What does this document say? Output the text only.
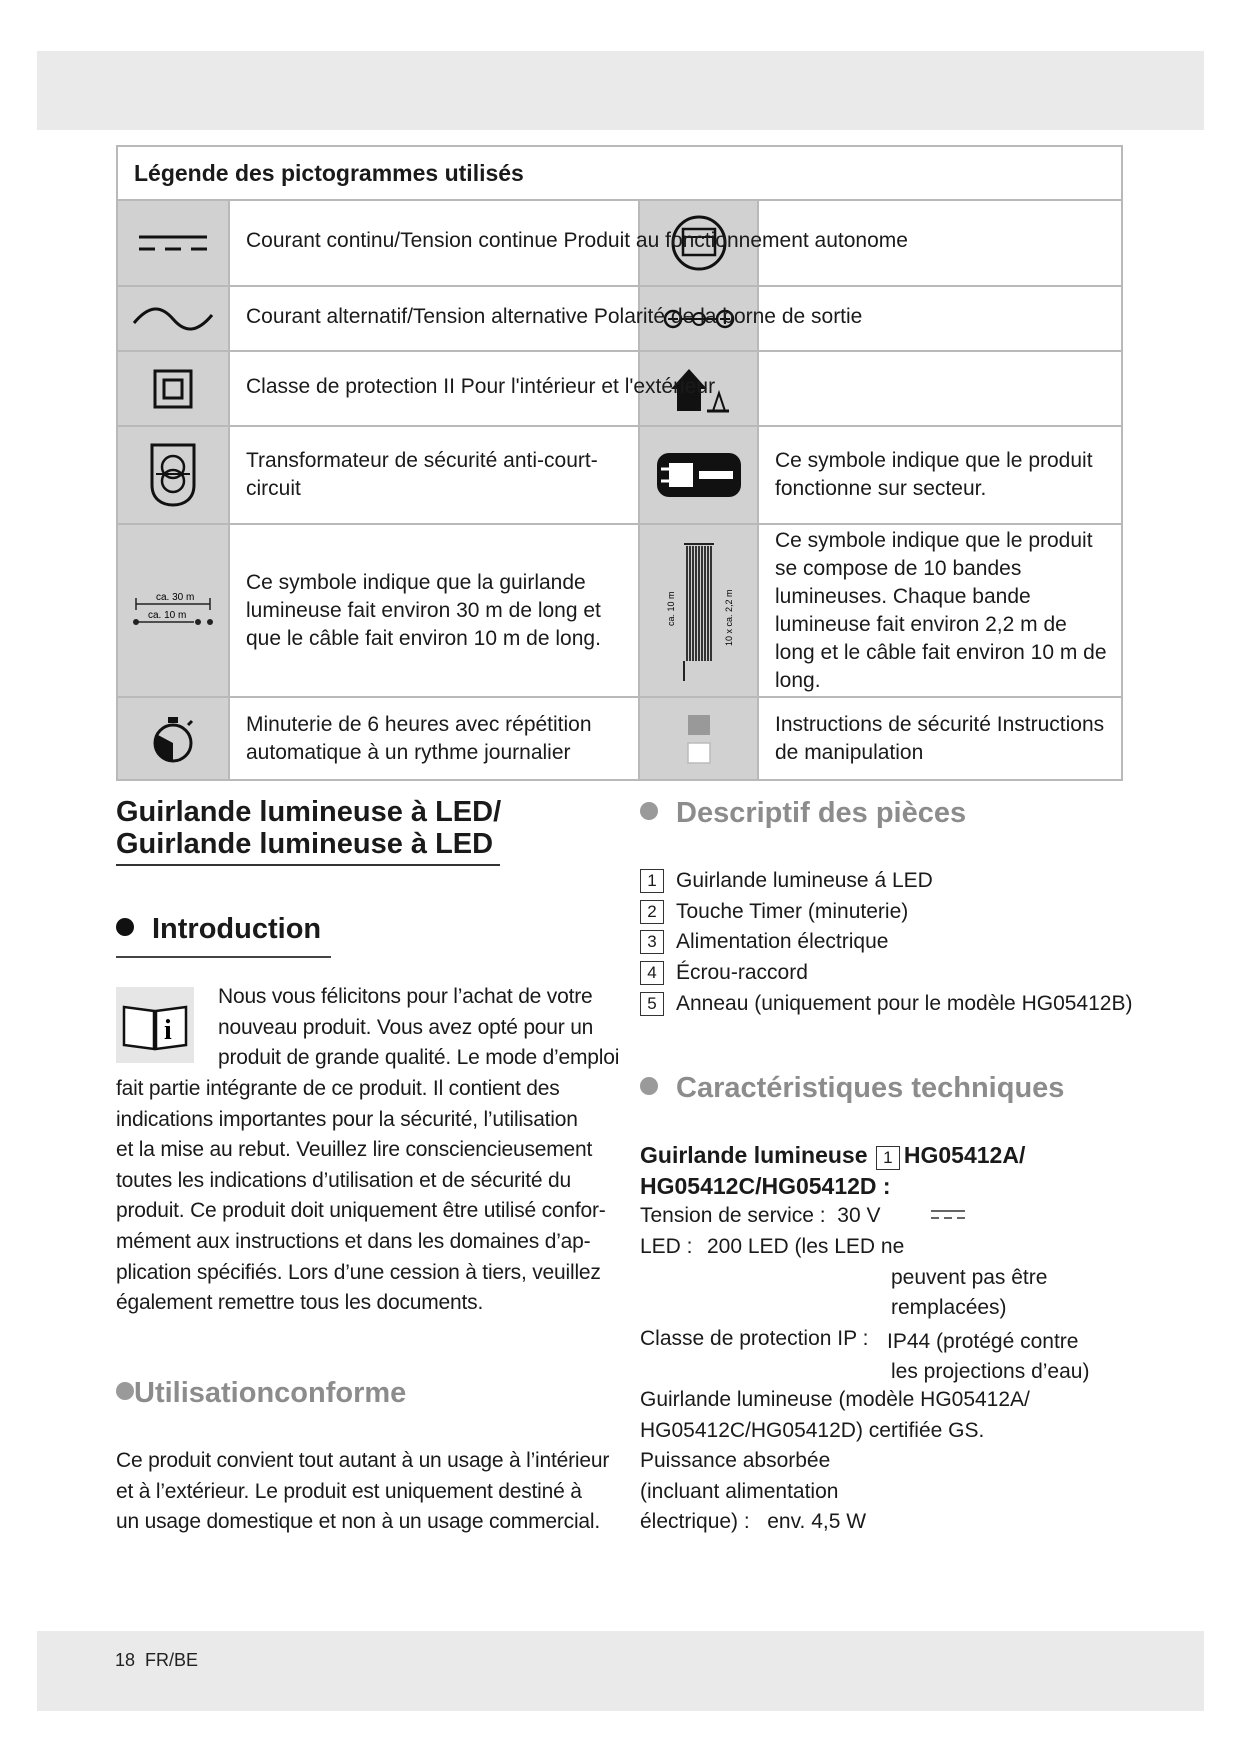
Légende des pictogrammes utilisés
Courant continu/Tension continue Produit au fonctionnement autonome
Courant alternatif/Tension alternative Polarité de la borne de sortie
Classe de protection II Pour l'intérieur et l'extérieur
Transformateur de sécurité anti-court-circuit
Ce symbole indique que le produit fonctionne sur secteur.
ca. 30 m
ca. 10 m
Ce symbole indique que la guirlande lumineuse fait environ 30 m de long et que le câble fait environ 10 m de long.
ca. 10 m	10 x ca. 2,2 m
Ce symbole indique que le produit se compose de 10 bandes lumineuses. Chaque bande lumineuse fait environ 2,2 m de long et le câble fait environ 10 m de long.
Minuterie de 6 heures avec répétition automatique à un rythme journalier
Instructions de sécurité Instructions de manipulation
Guirlande lumineuse à LED/
Guirlande lumineuse à LED
Introduction
i
Nous vous félicitons pour l’achat de votre
nouveau produit. Vous avez opté pour un
produit de grande qualité. Le mode d’emploi
fait partie intégrante de ce produit. Il contient des
indications importantes pour la sécurité, l’utilisation
et la mise au rebut. Veuillez lire consciencieusement
toutes les indications d’utilisation et de sécurité du
produit. Ce produit doit uniquement être utilisé confor-
mément aux instructions et dans les domaines d’ap-
plication spécifiés. Lors d’une cession à tiers, veuillez
également remettre tous les documents.
Utilisationconforme
Ce produit convient tout autant à un usage à l’intérieur
et à l’extérieur. Le produit est uniquement destiné à
un usage domestique et non à un usage commercial.
Descriptif des pièces
1 Guirlande lumineuse á LED
2 Touche Timer (minuterie)
3 Alimentation électrique
4 Écrou-raccord
5 Anneau (uniquement pour le modèle HG05412B)
Caractéristiques techniques
Guirlande lumineuse 1 HG05412A/
HG05412C/HG05412D :
Tension de service : 30 V
LED : 200 LED (les LED ne
peuvent pas être
remplacées)
Classe de protection IP : IP44 (protégé contre
les projections d’eau)
Guirlande lumineuse (modèle HG05412A/
HG05412C/HG05412D) certifiée GS.
Puissance absorbée
(incluant alimentation
électrique) : env. 4,5 W
18 FR/BE
